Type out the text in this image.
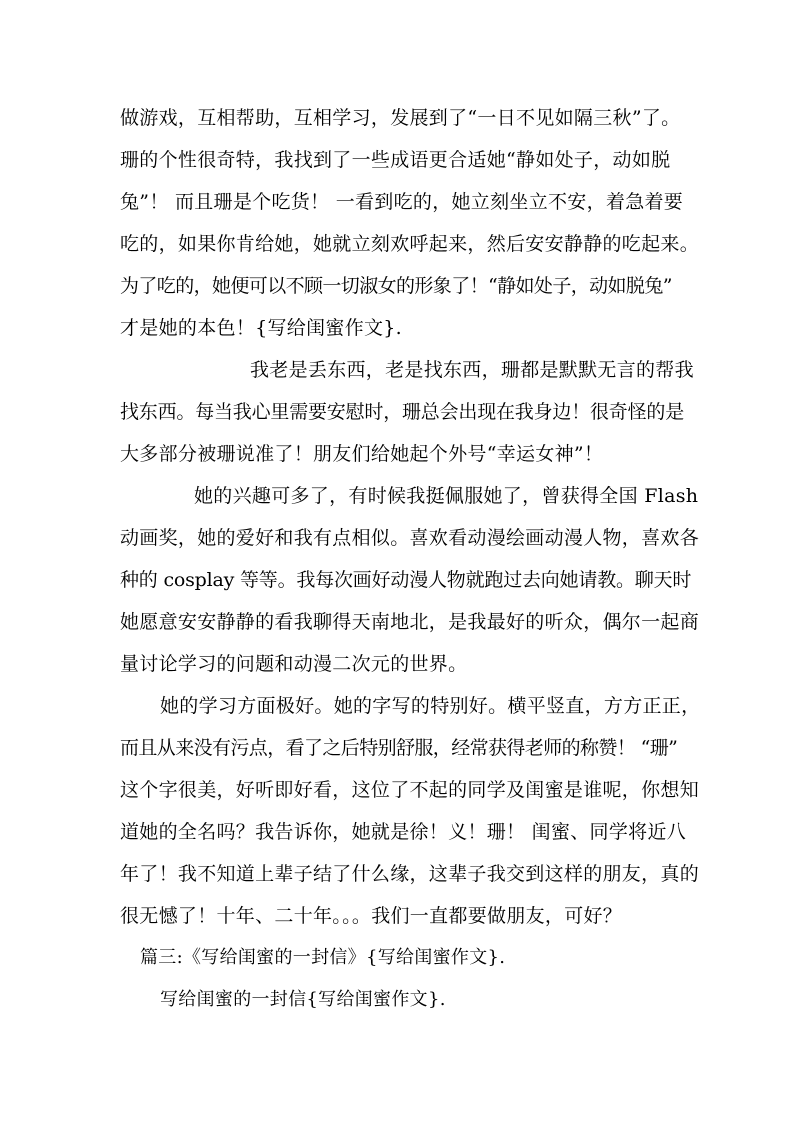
做游戏，互相帮助，互相学习，发展到了“一日不见如隔三秋”了。
珊的个性很奇特，我找到了一些成语更合适她“静如处子，动如脱
兔”！ 而且珊是个吃货！ 一看到吃的，她立刻坐立不安，着急着要
吃的，如果你肯给她，她就立刻欢呼起来，然后安安静静的吃起来。
为了吃的，她便可以不顾一切淑女的形象了！“静如处子，动如脱兔”
才是她的本色！{写给闺蜜作文}.
我老是丢东西，老是找东西，珊都是默默无言的帮我
找东西。每当我心里需要安慰时，珊总会出现在我身边！很奇怪的是
大多部分被珊说准了！朋友们给她起个外号“幸运女神”！
她的兴趣可多了，有时候我挺佩服她了，曾获得全国 Flash
动画奖，她的爱好和我有点相似。喜欢看动漫绘画动漫人物，喜欢各
种的 cosplay 等等。我每次画好动漫人物就跑过去向她请教。聊天时
她愿意安安静静的看我聊得天南地北，是我最好的听众，偶尔一起商
量讨论学习的问题和动漫二次元的世界。
她的学习方面极好。她的字写的特别好。横平竖直，方方正正，
而且从来没有污点，看了之后特别舒服，经常获得老师的称赞！ “珊”
这个字很美，好听即好看，这位了不起的同学及闺蜜是谁呢，你想知
道她的全名吗？我告诉你，她就是徐！义！珊！ 闺蜜、同学将近八
年了！我不知道上辈子结了什么缘，这辈子我交到这样的朋友，真的
很无憾了！十年、二十年。。。我们一直都要做朋友，可好？
篇三:《写给闺蜜的一封信》{写给闺蜜作文}.
写给闺蜜的一封信{写给闺蜜作文}.
